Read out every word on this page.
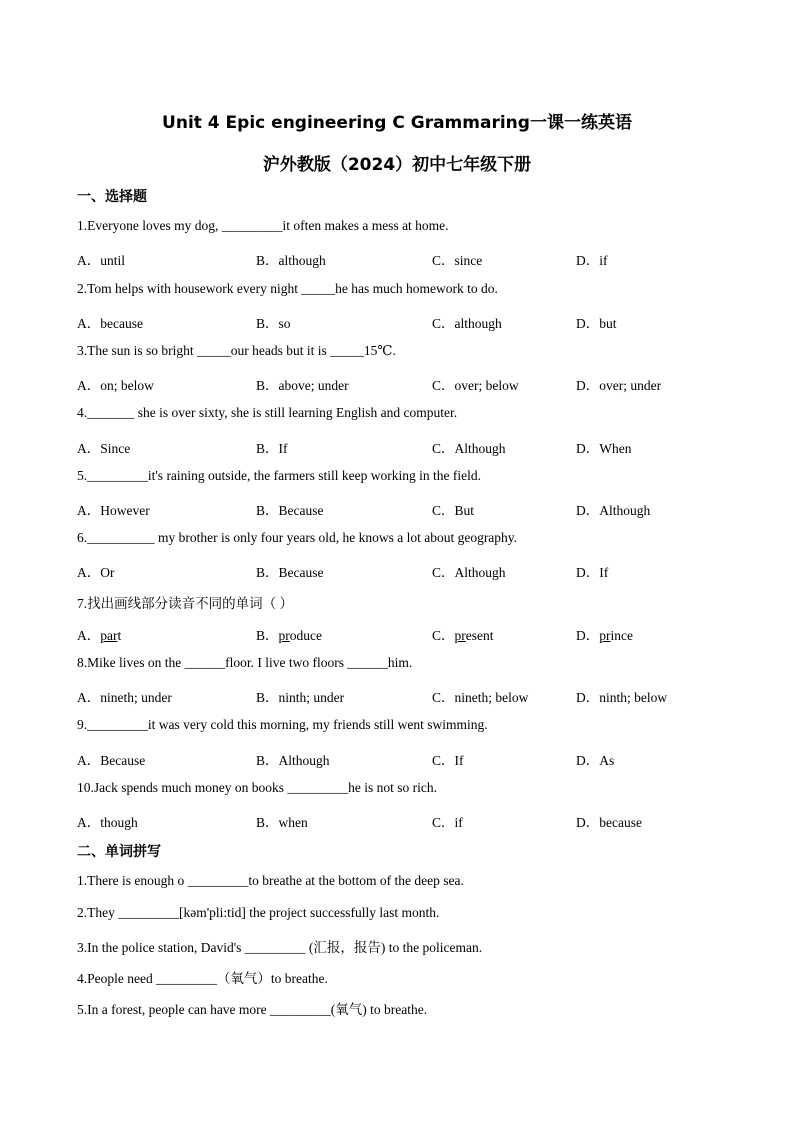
Unit 4 Epic engineering C Grammaring一课一练英语
沪外教版（2024）初中七年级下册
一、选择题
1.Everyone loves my dog, _________it often makes a mess at home.
A．until	B．although	C．since	D．if
2.Tom helps with housework every night _____he has much homework to do.
A．because	B．so	C．although	D．but
3.The sun is so bright _____our heads but it is _____15℃.
A．on; below	B．above; under	C．over; below	D．over; under
4._______ she is over sixty, she is still learning English and computer.
A．Since	B．If	C．Although	D．When
5._________it's raining outside, the farmers still keep working in the field.
A．However	B．Because	C．But	D．Although
6.__________ my brother is only four years old, he knows a lot about geography.
A．Or	B．Because	C．Although	D．If
7.找出画线部分读音不同的单词（ ）
A．part	B．produce	C．present	D．prince
8.Mike lives on the ______floor. I live two floors ______him.
A．nineth; under	B．ninth; under	C．nineth; below	D．ninth; below
9._________it was very cold this morning, my friends still went swimming.
A．Because	B．Although	C．If	D．As
10.Jack spends much money on books _________he is not so rich.
A．though	B．when	C．if	D．because
二、单词拼写
1.There is enough o _________to breathe at the bottom of the deep sea.
2.They _________[kəm'pli:tid] the project successfully last month.
3.In the police station, David's _________ (汇报，报告) to the policeman.
4.People need _________（氧气）to breathe.
5.In a forest, people can have more _________(氧气) to breathe.
